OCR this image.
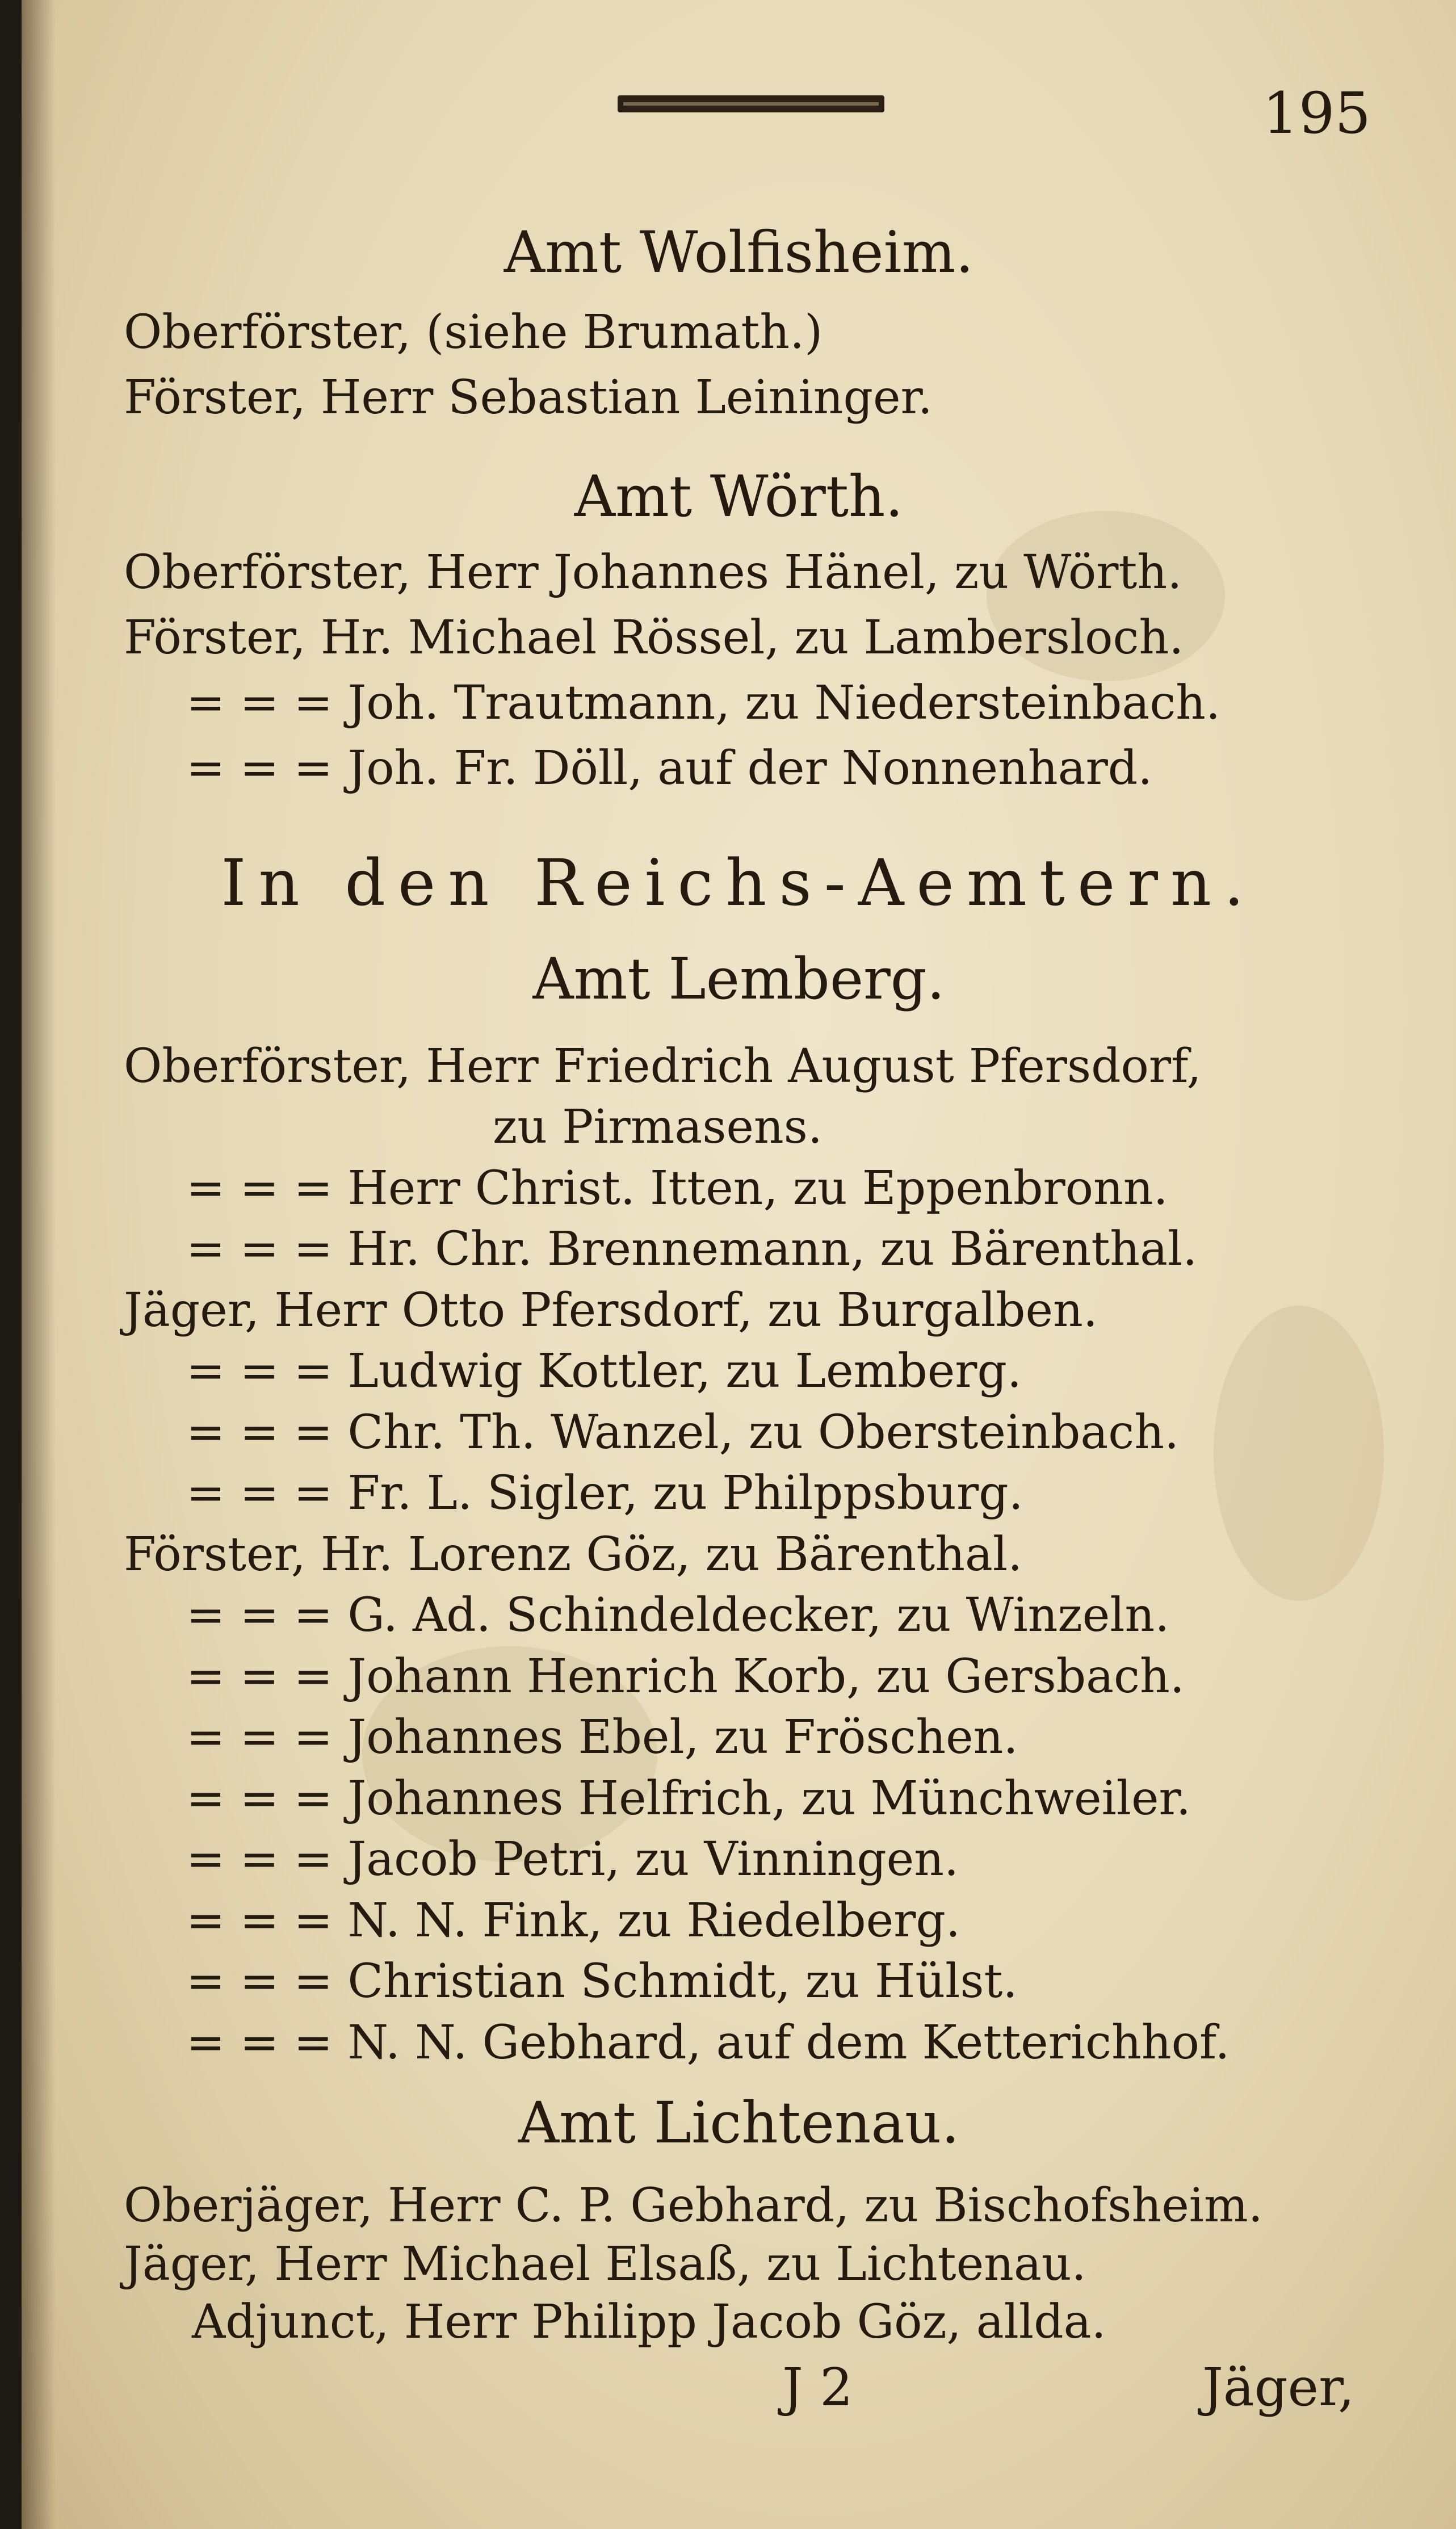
195
Amt Wolfisheim.
Oberförster, (siehe Brumath.)
Förster, Herr Sebastian Leininger.
Amt Wörth.
Oberförster, Herr Johannes Hänel, zu Wörth.
Förster, Hr. Michael Rössel, zu Lambersloch.
= = = Joh. Trautmann, zu Niedersteinbach.
= = = Joh. Fr. Döll, auf der Nonnenhard.
In den Reichs-Aemtern.
Amt Lemberg.
Oberförster, Herr Friedrich August Pfersdorf,
zu Pirmasens.
= = = Herr Christ. Itten, zu Eppenbronn.
= = = Hr. Chr. Brennemann, zu Bärenthal.
Jäger, Herr Otto Pfersdorf, zu Burgalben.
= = = Ludwig Kottler, zu Lemberg.
= = = Chr. Th. Wanzel, zu Obersteinbach.
= = = Fr. L. Sigler, zu Philppsburg.
Förster, Hr. Lorenz Göz, zu Bärenthal.
= = = G. Ad. Schindeldecker, zu Winzeln.
= = = Johann Henrich Korb, zu Gersbach.
= = = Johannes Ebel, zu Fröschen.
= = = Johannes Helfrich, zu Münchweiler.
= = = Jacob Petri, zu Vinningen.
= = = N. N. Fink, zu Riedelberg.
= = = Christian Schmidt, zu Hülst.
= = = N. N. Gebhard, auf dem Ketterichhof.
Amt Lichtenau.
Oberjäger, Herr C. P. Gebhard, zu Bischofsheim.
Jäger, Herr Michael Elsaß, zu Lichtenau.
Adjunct, Herr Philipp Jacob Göz, allda.
J 2	Jäger,
